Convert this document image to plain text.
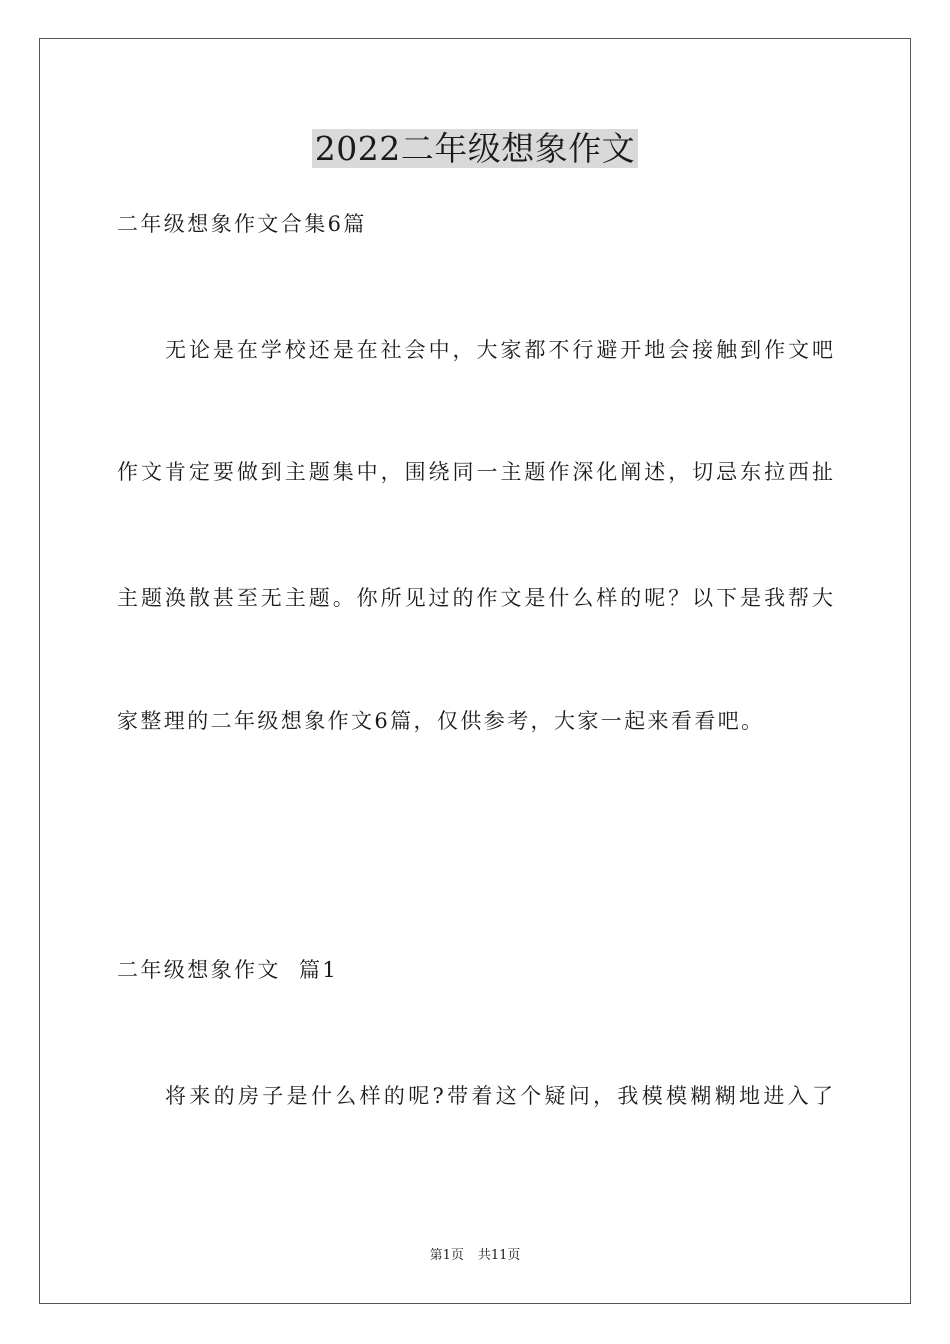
2022二年级想象作文
二年级想象作文合集6篇
无论是在学校还是在社会中，大家都不行避开地会接触到作文吧
作文肯定要做到主题集中，围绕同一主题作深化阐述，切忌东拉西扯
主题涣散甚至无主题。你所见过的作文是什么样的呢？以下是我帮大
家整理的二年级想象作文6篇，仅供参考，大家一起来看看吧。
二年级想象作文  篇1
将来的房子是什么样的呢?带着这个疑问，我模模糊糊地进入了
第1页 共11页
